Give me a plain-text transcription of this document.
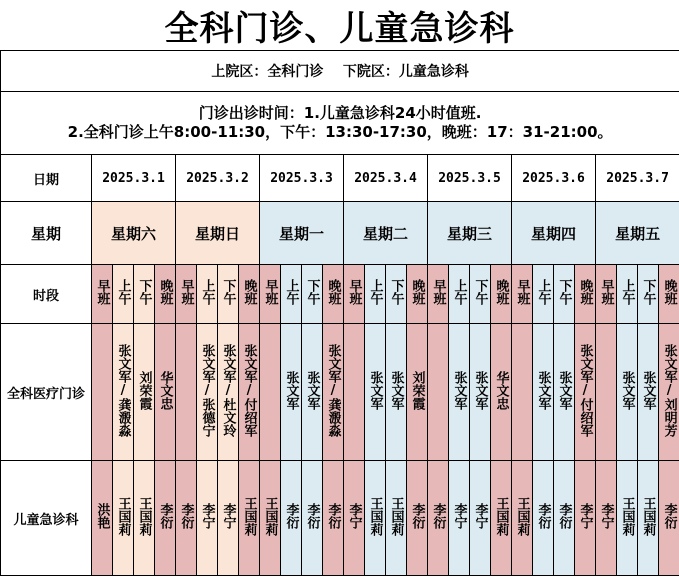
全科门诊、儿童急诊科
上院区：全科门诊    下院区：儿童急诊科																												

门诊出诊时间：1.儿童急诊科24小时值班.
2.全科门诊上午8:00-11:30，下午：13:30-17:30，晚班：17：31-21:00。																												

日期	2025.3.1				2025.3.2				2025.3.3				2025.3.4				2025.3.5				2025.3.6				2025.3.7			
星期	星期六				星期日				星期一				星期二				星期三				星期四				星期五			
时段	早班	上午	下午	晚班	早班	上午	下午	晚班	早班	上午	下午	晚班	早班	上午	下午	晚班	早班	上午	下午	晚班	早班	上午	下午	晚班	早班	上午	下午	晚班
全科医疗门诊		张文军/龚溵淼	刘荣霞	华文忠		张文军/张德宁	张文军/杜文玲	张文军/付绍军		张文军	张文军	张文军/龚溵淼		张文军	张文军	刘荣霞		张文军	张文军	华文忠		张文军	张文军	张文军/付绍军		张文军	张文军	张文军/刘明芳
儿童急诊科	洪艳	王国莉	王国莉	李衍	李衍	李宁	李宁	王国莉	王国莉	李衍	李衍	李衍	李宁	王国莉	王国莉	李衍	李衍	李宁	李宁	王国莉	王国莉	李衍	李衍	李宁	李宁	王国莉	王国莉	李衍
